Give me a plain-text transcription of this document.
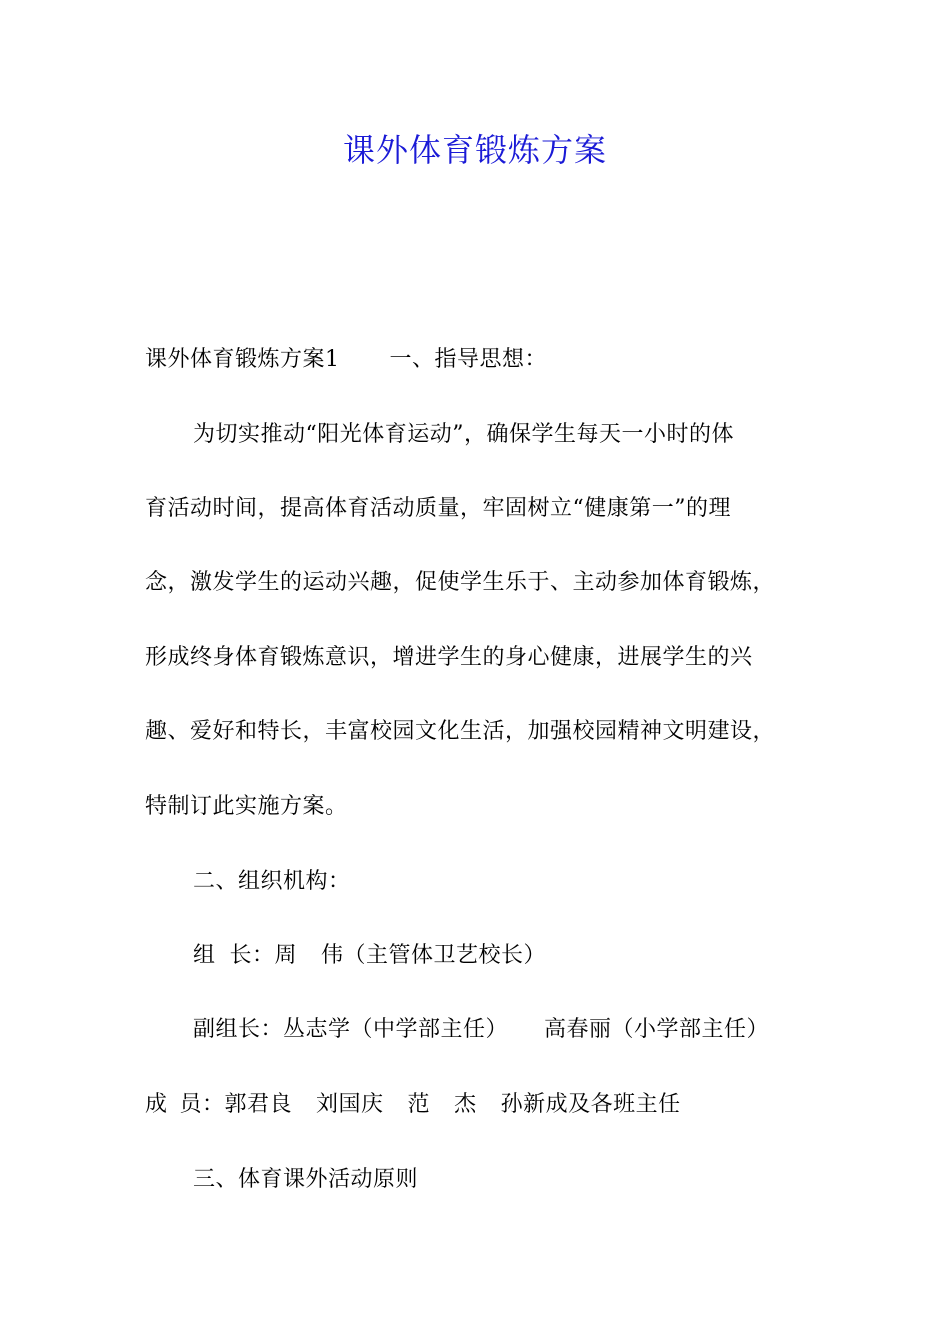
课外体育锻炼方案
课外体育锻炼方案1 一、指导思想：
为切实推动“阳光体育运动”，确保学生每天一小时的体
育活动时间，提高体育活动质量，牢固树立“健康第一”的理
念，激发学生的运动兴趣，促使学生乐于、主动参加体育锻炼，
形成终身体育锻炼意识，增进学生的身心健康，进展学生的兴
趣、爱好和特长，丰富校园文化生活，加强校园精神文明建设，
特制订此实施方案。
二、组织机构：
组 长：周 伟（主管体卫艺校长）
副组长：丛志学（中学部主任） 高春丽（小学部主任）
成 员：郭君良 刘国庆 范 杰 孙新成及各班主任
三、体育课外活动原则
